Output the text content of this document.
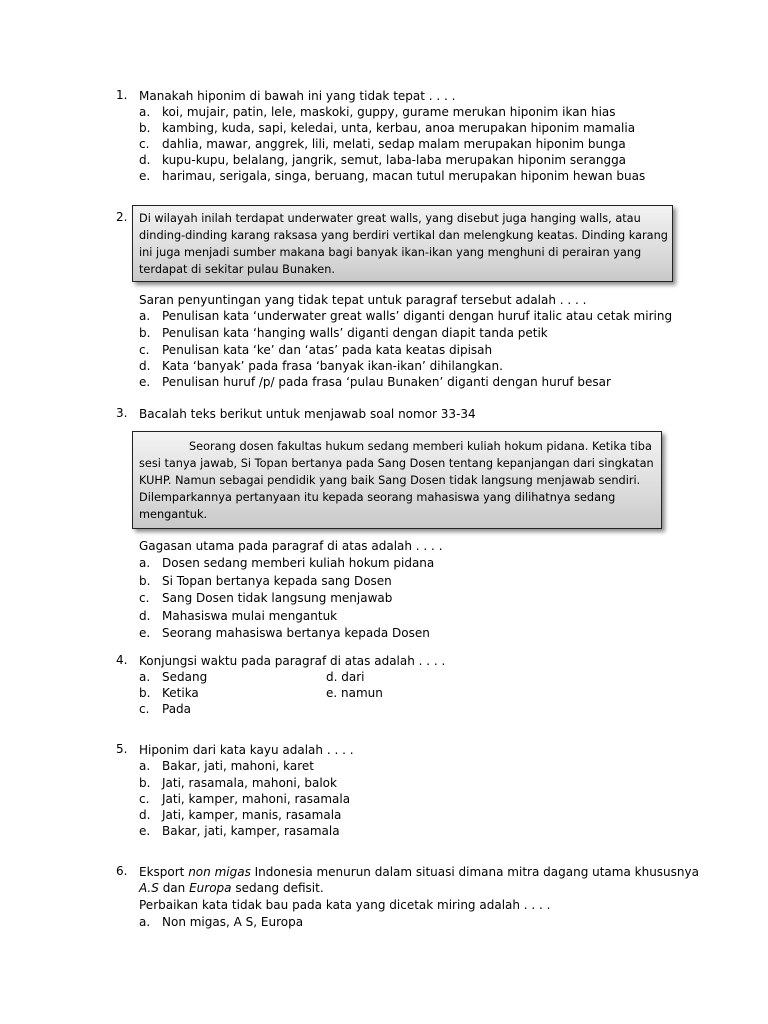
1. Manakah hiponim di bawah ini yang tidak tepat . . . .
a. koi, mujair, patin, lele, maskoki, guppy, gurame merukan hiponim ikan hias
b. kambing, kuda, sapi, keledai, unta, kerbau, anoa merupakan hiponim mamalia
c. dahlia, mawar, anggrek, lili, melati, sedap malam merupakan hiponim bunga
d. kupu-kupu, belalang, jangrik, semut, laba-laba merupakan hiponim serangga
e. harimau, serigala, singa, beruang, macan tutul merupakan hiponim hewan buas
2. Di wilayah inilah terdapat underwater great walls, yang disebut juga hanging walls, atau
dinding-dinding karang raksasa yang berdiri vertikal dan melengkung keatas. Dinding karang
ini juga menjadi sumber makana bagi banyak ikan-ikan yang menghuni di perairan yang
terdapat di sekitar pulau Bunaken.
Saran penyuntingan yang tidak tepat untuk paragraf tersebut adalah . . . .
a. Penulisan kata ‘underwater great walls’ diganti dengan huruf italic atau cetak miring
b. Penulisan kata ‘hanging walls’ diganti dengan diapit tanda petik
c. Penulisan kata ‘ke’ dan ‘atas’ pada kata keatas dipisah
d. Kata ‘banyak’ pada frasa ‘banyak ikan-ikan’ dihilangkan.
e. Penulisan huruf /p/ pada frasa ‘pulau Bunaken’ diganti dengan huruf besar
3. Bacalah teks berikut untuk menjawab soal nomor 33-34
Seorang dosen fakultas hukum sedang memberi kuliah hokum pidana. Ketika tiba
sesi tanya jawab, Si Topan bertanya pada Sang Dosen tentang kepanjangan dari singkatan
KUHP. Namun sebagai pendidik yang baik Sang Dosen tidak langsung menjawab sendiri.
Dilemparkannya pertanyaan itu kepada seorang mahasiswa yang dilihatnya sedang
mengantuk.
Gagasan utama pada paragraf di atas adalah . . . .
a. Dosen sedang memberi kuliah hokum pidana
b. Si Topan bertanya kepada sang Dosen
c. Sang Dosen tidak langsung menjawab
d. Mahasiswa mulai mengantuk
e. Seorang mahasiswa bertanya kepada Dosen
4. Konjungsi waktu pada paragraf di atas adalah . . . .
a. Sedang
b. Ketika
c. Pada
d. dari
e. namun
5. Hiponim dari kata kayu adalah . . . .
a. Bakar, jati, mahoni, karet
b. Jati, rasamala, mahoni, balok
c. Jati, kamper, mahoni, rasamala
d. Jati, kamper, manis, rasamala
e. Bakar, jati, kamper, rasamala
6. Eksport non migas Indonesia menurun dalam situasi dimana mitra dagang utama khususnya
A.S dan Europa sedang defisit.
Perbaikan kata tidak bau pada kata yang dicetak miring adalah . . . .
a. Non migas, A S, Europa
